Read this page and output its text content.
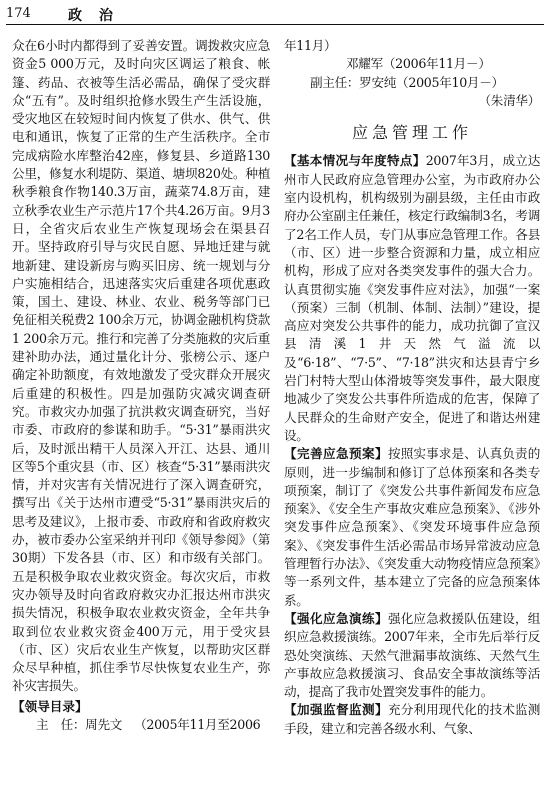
174	政 治

众在6小时内都得到了妥善安置。调拨救灾应急资金5 000万元，及时向灾区调运了粮食、帐篷、药品、衣被等生活必需品，确保了受灾群众“五有”。及时组织抢修水毁生产生活设施，受灾地区在较短时间内恢复了供水、供气、供电和通讯，恢复了正常的生产生活秩序。全市完成病险水库整治42座，修复县、乡道路130公里，修复水利堤防、渠道、塘坝820处。种植秋季粮食作物140.3万亩，蔬菜74.8万亩，建立秋季农业生产示范片17个共4.26万亩。9月3日，全省灾后农业生产恢复现场会在渠县召开。坚持政府引导与灾民自愿、异地迁建与就地新建、建设新房与购买旧房、统一规划与分户实施相结合，迅速落实灾后重建各项优惠政策，国土、建设、林业、农业、税务等部门已免征相关税费2 100余万元，协调金融机构贷款1 200余万元。推行和完善了分类施救的灾后重建补助办法，通过量化计分、张榜公示、逐户确定补助额度，有效地激发了受灾群众开展灾后重建的积极性。四是加强防灾减灾调查研究。市救灾办加强了抗洪救灾调查研究，当好市委、市政府的参谋和助手。“5·31”暴雨洪灾后，及时派出精干人员深入开江、达县、通川区等5个重灾县（市、区）核查“5·31”暴雨洪灾情，并对灾害有关情况进行了深入调查研究，撰写出《关于达州市遭受“5·31”暴雨洪灾后的思考及建议》，上报市委、市政府和省政府救灾办，被市委办公室采纳并刊印《领导参阅》（第30期）下发各县（市、区）和市级有关部门。五是积极争取农业救灾资金。每次灾后，市救灾办领导及时向省政府救灾办汇报达州市洪灾损失情况，积极争取农业救灾资金，全年共争取到位农业救灾资金400万元，用于受灾县（市、区）灾后农业生产恢复，以帮助灾区群众尽早种植，抓住季节尽快恢复农业生产，弥补灾害损失。

【领导目录】

主　任：周先文 （2005年11月至2006

年11月）

邓耀军（2006年11月－）

副主任：罗安纯（2005年10月－）

（朱清华）

应急管理工作

【基本情况与年度特点】2007年3月，成立达州市人民政府应急管理办公室，为市政府办公室内设机构，机构级别为副县级，主任由市政府办公室副主任兼任，核定行政编制3名，考调了2名工作人员，专门从事应急管理工作。各县（市、区）进一步整合资源和力量，成立相应机构，形成了应对各类突发事件的强大合力。认真贯彻实施《突发事件应对法》，加强“一案（预案）三制（机制、体制、法制）”建设，提高应对突发公共事件的能力，成功抗御了宣汉县清溪1井天然气溢流以及“6·18”、“7·5”、“7·18”洪灾和达县青宁乡岩门村特大型山体滑坡等突发事件，最大限度地减少了突发公共事件所造成的危害，保障了人民群众的生命财产安全，促进了和谐达州建设。

【完善应急预案】按照实事求是、认真负责的原则，进一步编制和修订了总体预案和各类专项预案，制订了《突发公共事件新闻发布应急预案》、《安全生产事故灾难应急预案》、《涉外突发事件应急预案》、《突发环境事件应急预案》、《突发事件生活必需品市场异常波动应急管理暂行办法》、《突发重大动物疫情应急预案》等一系列文件，基本建立了完备的应急预案体系。

【强化应急演练】强化应急救援队伍建设，组织应急救援演练。2007年来，全市先后举行反恐处突演练、天然气泄漏事故演练、天然气生产事故应急救援演习、食品安全事故演练等活动，提高了我市处置突发事件的能力。

【加强监督监测】充分利用现代化的技术监测手段，建立和完善各级水利、气象、
